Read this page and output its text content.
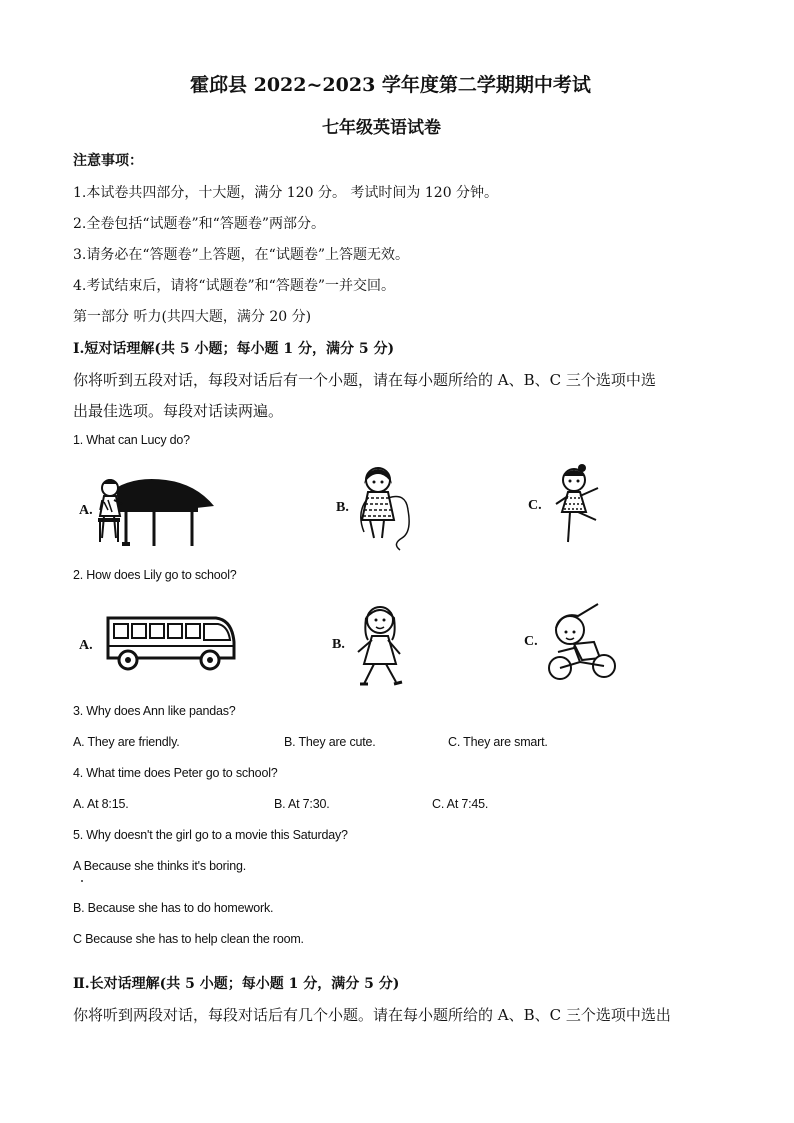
霍邱县 2022~2023 学年度第二学期期中考试
七年级英语试卷
注意事项：
1.本试卷共四部分，十大题，满分 120 分。 考试时间为 120 分钟。
2.全卷包括“试题卷”和“答题卷”两部分。
3.请务必在“答题卷”上答题，在“试题卷”上答题无效。
4.考试结束后，请将“试题卷”和“答题卷”一并交回。
第一部分 听力(共四大题，满分 20 分)
Ⅰ.短对话理解(共 5 小题；每小题 1 分，满分 5 分)
你将听到五段对话，每段对话后有一个小题，请在每小题所给的 A、B、C 三个选项中选
出最佳选项。每段对话读两遍。
1. What can Lucy do?
A.	B.	C.
2. How does Lily go to school?
A.	B.	C.
3. Why does Ann like pandas?
A. They are friendly.	B. They are cute.	C. They are smart.
4. What time does Peter go to school?
A. At 8:15.	B. At 7:30.	C. At 7:45.
5. Why doesn't the girl go to a movie this Saturday?
A Because she thinks it's boring.
B. Because she has to do homework.
C Because she has to help clean the room.
Ⅱ.长对话理解(共 5 小题；每小题 1 分，满分 5 分)
你将听到两段对话，每段对话后有几个小题。请在每小题所给的 A、B、C 三个选项中选出
